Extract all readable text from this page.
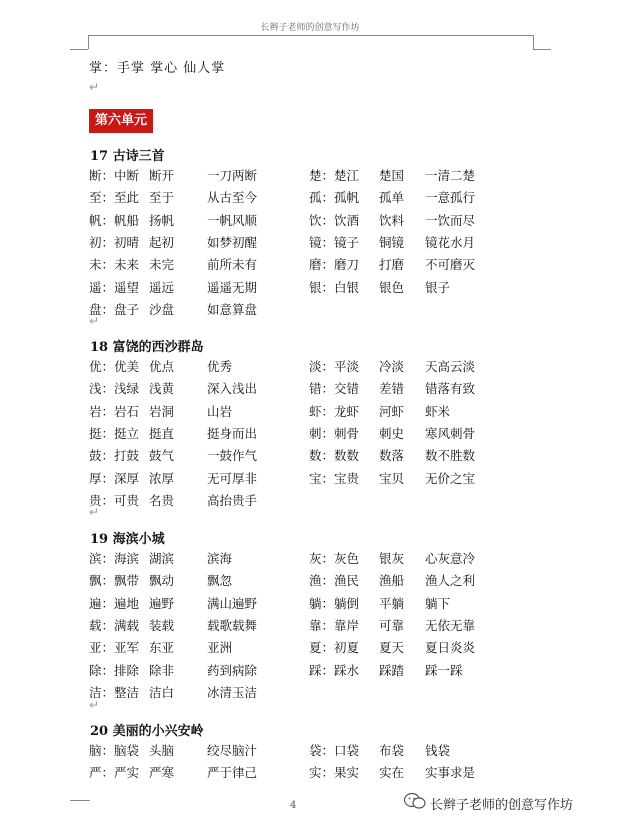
长辫子老师的创意写作坊
掌：手掌 掌心 仙人掌
↵
第六单元
17 古诗三首
断：中断 断开	一刀两断	楚：楚江 楚国 一清二楚
至：至此 至于	从古至今	孤：孤帆 孤单 一意孤行
帆：帆船 扬帆	一帆风顺	饮：饮酒 饮料 一饮而尽
初：初晴 起初	如梦初醒	镜：镜子 铜镜 镜花水月
未：未来 未完	前所未有	磨：磨刀 打磨 不可磨灭
遥：遥望 遥远	遥遥无期	银：白银 银色 银子
盘：盘子 沙盘	如意算盘
↵
18 富饶的西沙群岛
优：优美 优点	优秀	淡：平淡 冷淡 天高云淡
浅：浅绿 浅黄	深入浅出	错：交错 差错 错落有致
岩：岩石 岩洞	山岩	虾：龙虾 河虾 虾米
挺：挺立 挺直	挺身而出	刺：刺骨 刺史 寒风刺骨
鼓：打鼓 鼓气	一鼓作气	数：数数 数落 数不胜数
厚：深厚 浓厚	无可厚非	宝：宝贵 宝贝 无价之宝
贵：可贵 名贵	高抬贵手
↵
19 海滨小城
滨：海滨 湖滨	滨海	灰：灰色 银灰 心灰意冷
飘：飘带 飘动	飘忽	渔：渔民 渔船 渔人之利
遍：遍地 遍野	满山遍野	躺：躺倒 平躺 躺下
载：满载 装载	载歌载舞	靠：靠岸 可靠 无依无靠
亚：亚军 东亚	亚洲	夏：初夏 夏天 夏日炎炎
除：排除 除非	药到病除	踩：踩水 踩踏 踩一踩
洁：整洁 洁白	冰清玉洁
↵
20 美丽的小兴安岭
脑：脑袋 头脑	绞尽脑汁	袋：口袋 布袋 钱袋
严：严实 严寒	严于律己	实：果实 实在 实事求是
4	长辫子老师的创意写作坊
